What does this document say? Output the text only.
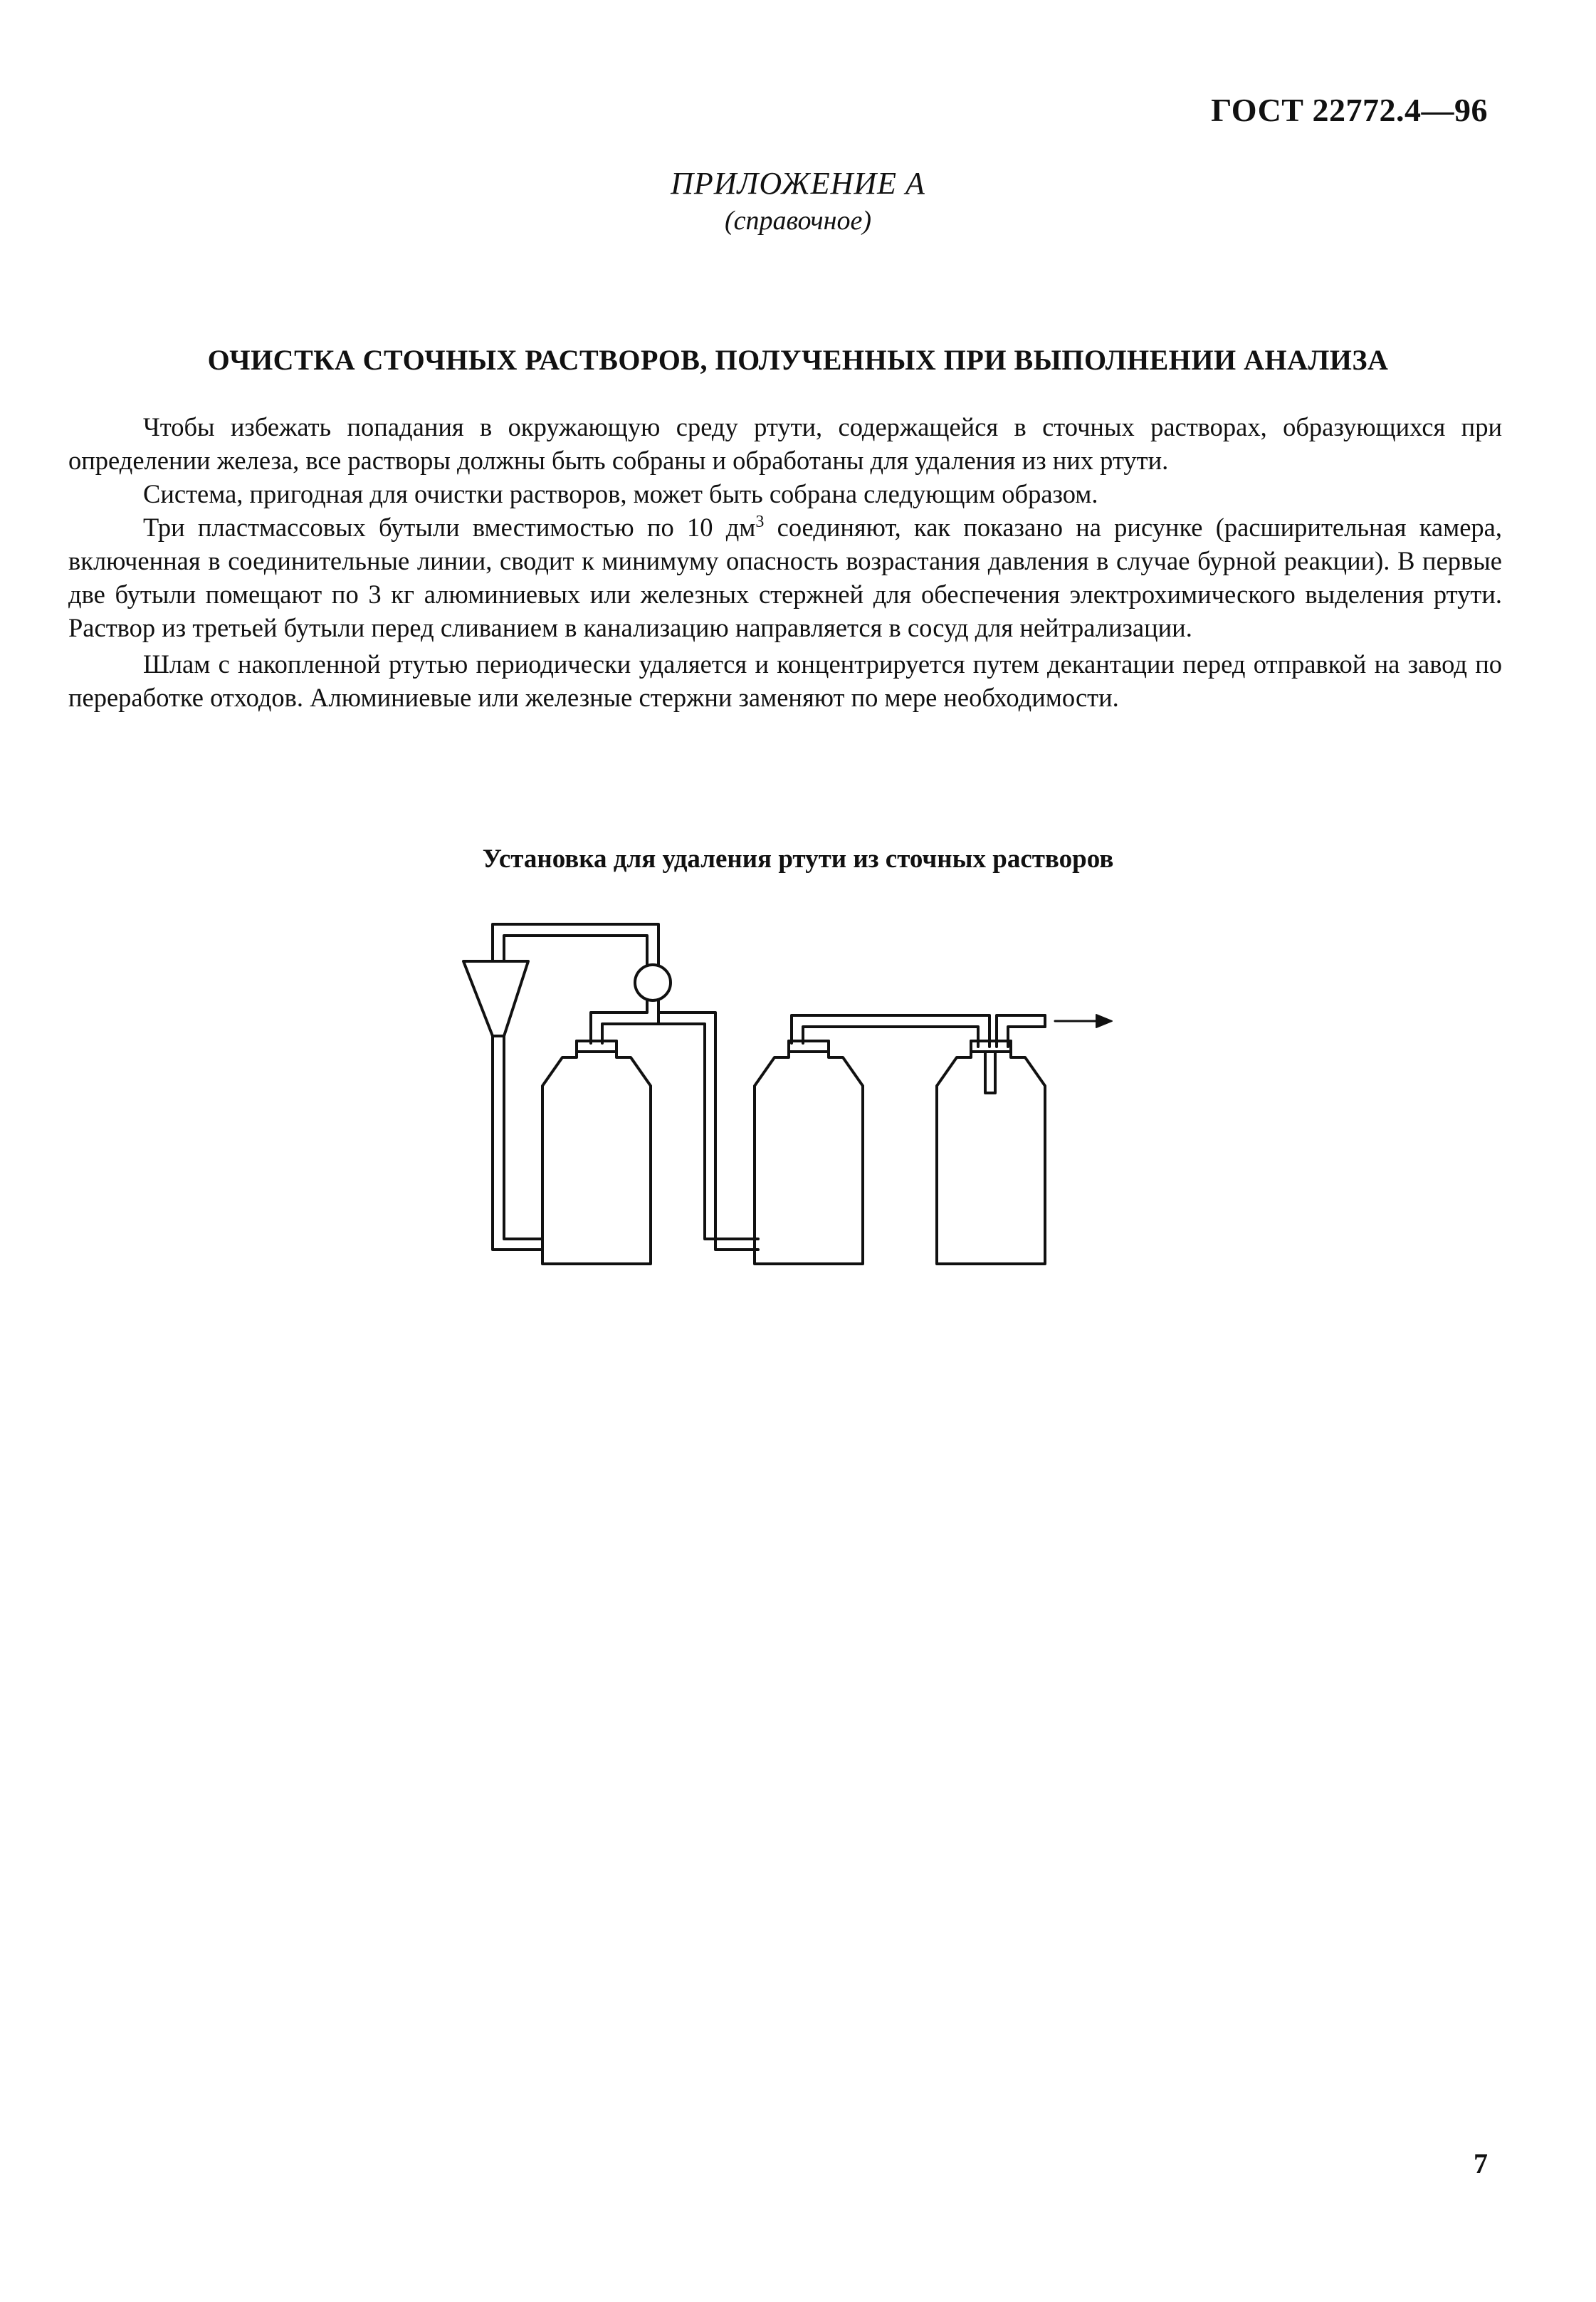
ГОСТ 22772.4—96
ПРИЛОЖЕНИЕ А
(справочное)
ОЧИСТКА СТОЧНЫХ РАСТВОРОВ, ПОЛУЧЕННЫХ ПРИ ВЫПОЛНЕНИИ АНАЛИЗА

Чтобы избежать попадания в окружающую среду ртути, содержащейся в сточных растворах, образующихся при определении железа, все растворы должны быть собраны и обработаны для удаления из них ртути.

Система, пригодная для очистки растворов, может быть собрана следующим образом.

Три пластмассовых бутыли вместимостью по 10 $дм^3$ соединяют, как показано на рисунке (расширительная камера, включенная в соединительные линии, сводит к минимуму опасность возрастания давления в случае бурной реакции). В первые две бутыли помещают по 3 кг алюминиевых или железных стержней для обеспечения электрохимического выделения ртути. Раствор из третьей бутыли перед сливанием в канализацию направляется в сосуд для нейтрализации.

Шлам с накопленной ртутью периодически удаляется и концентрируется путем декантации перед отправкой на завод по переработке отходов. Алюминиевые или железные стержни заменяют по мере необходимости.

Установка для удаления ртути из сточных растворов
7
